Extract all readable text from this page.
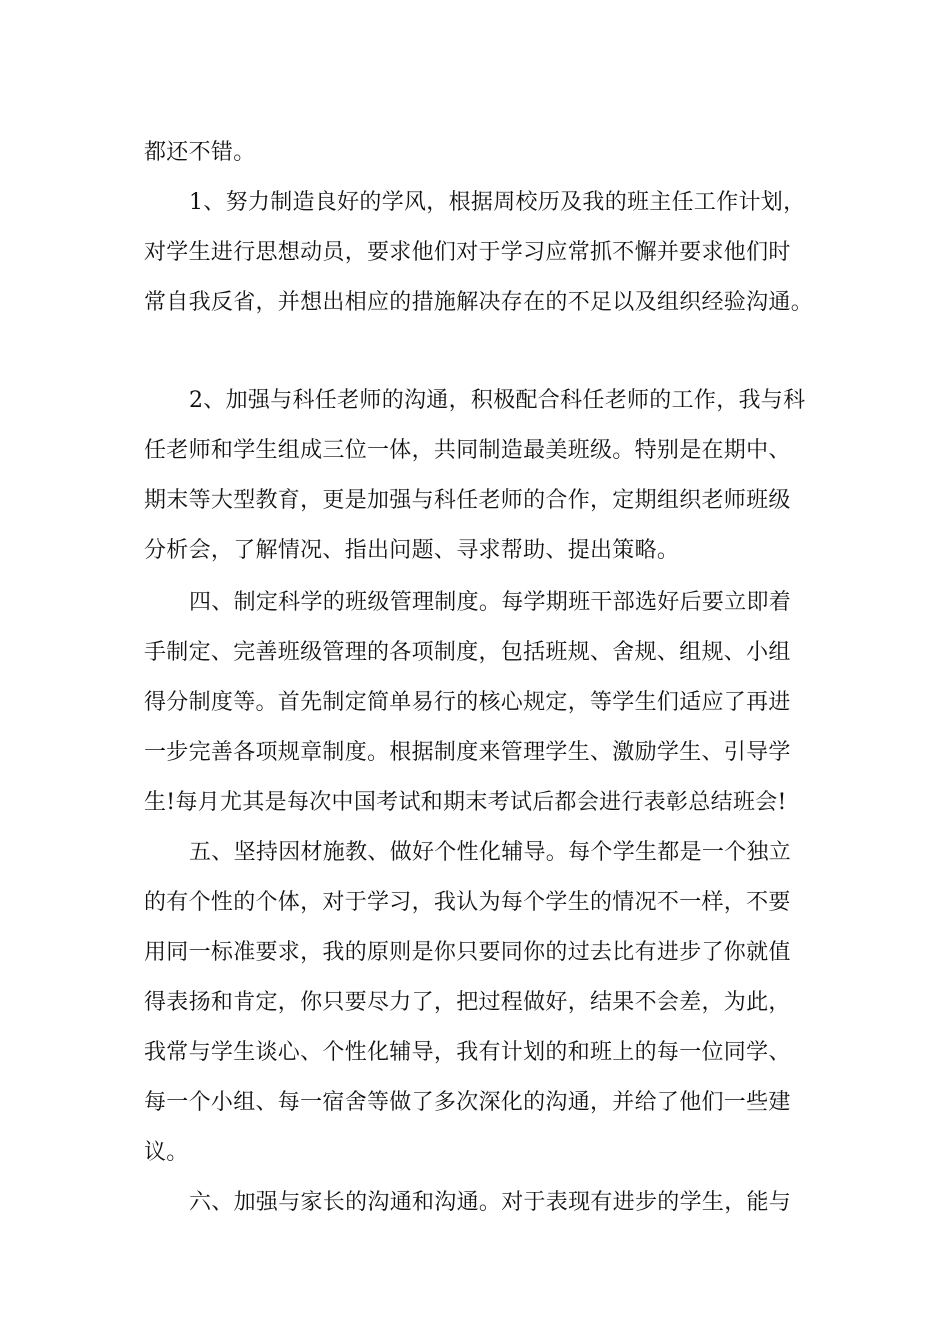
都还不错。
1、努力制造良好的学风，根据周校历及我的班主任工作计划，
对学生进行思想动员，要求他们对于学习应常抓不懈并要求他们时
常自我反省，并想出相应的措施解决存在的不足以及组织经验沟通。
2、加强与科任老师的沟通，积极配合科任老师的工作，我与科
任老师和学生组成三位一体，共同制造最美班级。特别是在期中、
期末等大型教育，更是加强与科任老师的合作，定期组织老师班级
分析会，了解情况、指出问题、寻求帮助、提出策略。
四、制定科学的班级管理制度。每学期班干部选好后要立即着
手制定、完善班级管理的各项制度，包括班规、舍规、组规、小组
得分制度等。首先制定简单易行的核心规定，等学生们适应了再进
一步完善各项规章制度。根据制度来管理学生、激励学生、引导学
生!每月尤其是每次中国考试和期末考试后都会进行表彰总结班会!
五、坚持因材施教、做好个性化辅导。每个学生都是一个独立
的有个性的个体，对于学习，我认为每个学生的情况不一样，不要
用同一标准要求，我的原则是你只要同你的过去比有进步了你就值
得表扬和肯定，你只要尽力了，把过程做好，结果不会差，为此，
我常与学生谈心、个性化辅导，我有计划的和班上的每一位同学、
每一个小组、每一宿舍等做了多次深化的沟通，并给了他们一些建
议。
六、加强与家长的沟通和沟通。对于表现有进步的学生，能与
